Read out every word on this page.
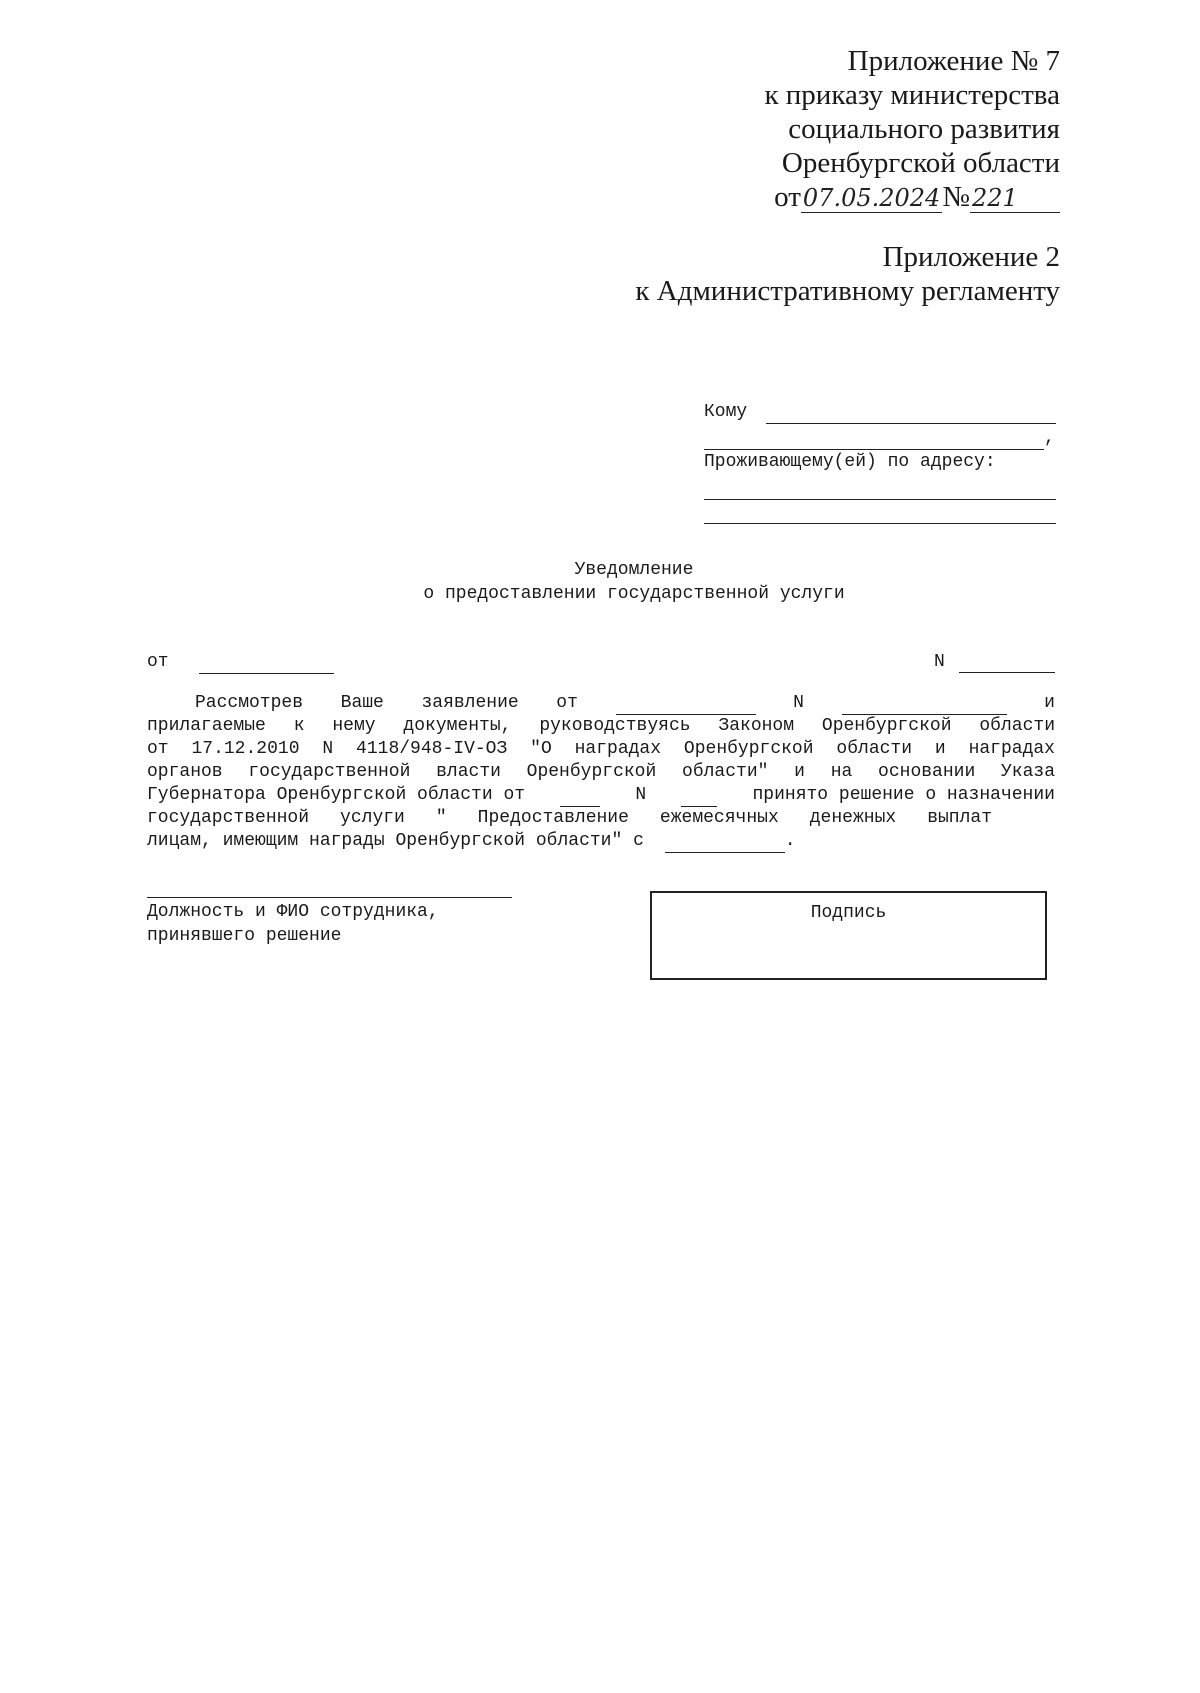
Приложение № 7
к приказу министерства
социального развития
Оренбургской области
от07.05.2024№221
Приложение 2
к Административному регламенту
Кому
,
Проживающему(ей) по адресу:
Уведомление
о предоставлении государственной услуги
от	N
Рассмотрев Ваше заявление от	N	и
прилагаемые к нему документы, руководствуясь Законом Оренбургской области
от 17.12.2010 N 4118/948-IV-ОЗ "О наградах Оренбургской области и наградах
органов государственной власти Оренбургской области" и на основании Указа
Губернатора Оренбургской области от	N	принято решение о назначении
государственной услуги " Предоставление ежемесячных денежных выплат
лицам, имеющим награды Оренбургской области" с	.
Должность и ФИО сотрудника,
принявшего решение
Подпись
